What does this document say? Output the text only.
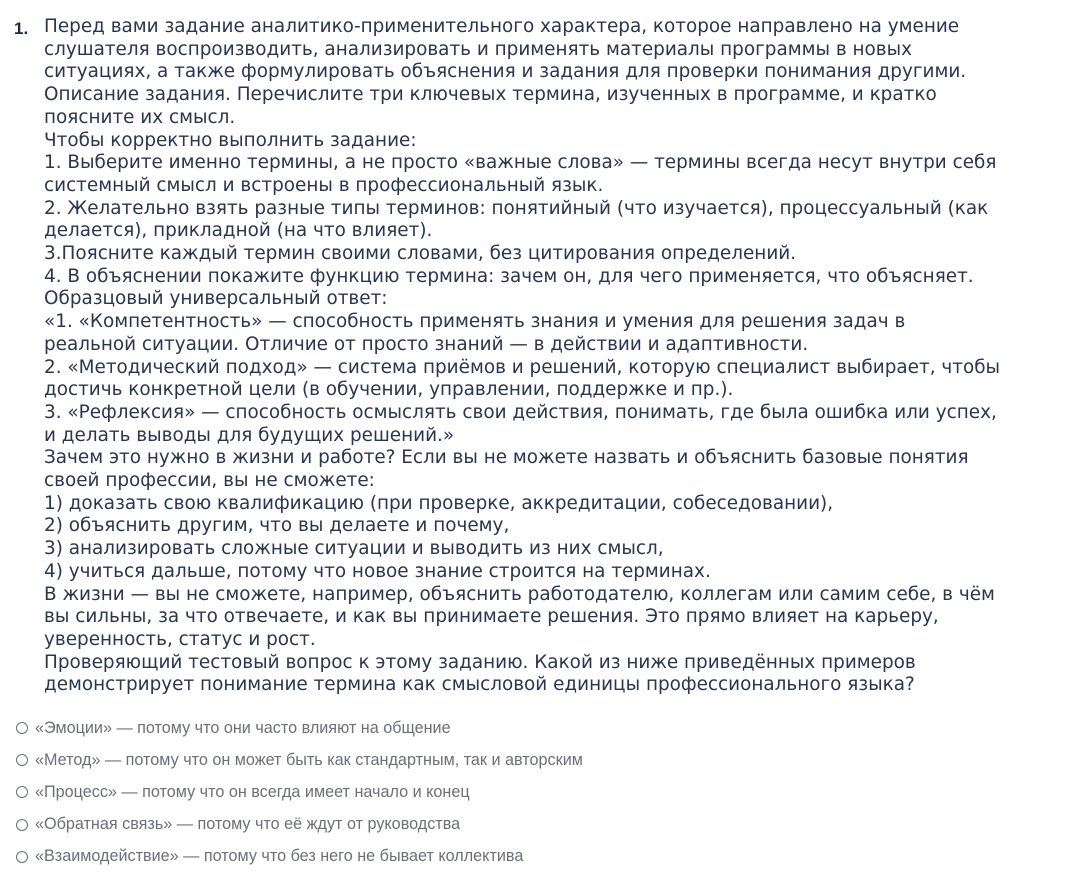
1. Перед вами задание аналитико-применительного характера, которое направлено на умение
слушателя воспроизводить, анализировать и применять материалы программы в новых
ситуациях, а также формулировать объяснения и задания для проверки понимания другими.
Описание задания. Перечислите три ключевых термина, изученных в программе, и кратко
поясните их смысл.
Чтобы корректно выполнить задание:
1. Выберите именно термины, а не просто «важные слова» — термины всегда несут внутри себя
системный смысл и встроены в профессиональный язык.
2. Желательно взять разные типы терминов: понятийный (что изучается), процессуальный (как
делается), прикладной (на что влияет).
3.Поясните каждый термин своими словами, без цитирования определений.
4. В объяснении покажите функцию термина: зачем он, для чего применяется, что объясняет.
Образцовый универсальный ответ:
«1. «Компетентность» — способность применять знания и умения для решения задач в
реальной ситуации. Отличие от просто знаний — в действии и адаптивности.
2. «Методический подход» — система приёмов и решений, которую специалист выбирает, чтобы
достичь конкретной цели (в обучении, управлении, поддержке и пр.).
3. «Рефлексия» — способность осмыслять свои действия, понимать, где была ошибка или успех,
и делать выводы для будущих решений.»
Зачем это нужно в жизни и работе? Если вы не можете назвать и объяснить базовые понятия
своей профессии, вы не сможете:
1) доказать свою квалификацию (при проверке, аккредитации, собеседовании),
2) объяснить другим, что вы делаете и почему,
3) анализировать сложные ситуации и выводить из них смысл,
4) учиться дальше, потому что новое знание строится на терминах.
В жизни — вы не сможете, например, объяснить работодателю, коллегам или самим себе, в чём
вы сильны, за что отвечаете, и как вы принимаете решения. Это прямо влияет на карьеру,
уверенность, статус и рост.
Проверяющий тестовый вопрос к этому заданию. Какой из ниже приведённых примеров
демонстрирует понимание термина как смысловой единицы профессионального языка?
«Эмоции» — потому что они часто влияют на общение
«Метод» — потому что он может быть как стандартным, так и авторским
«Процесс» — потому что он всегда имеет начало и конец
«Обратная связь» — потому что её ждут от руководства
«Взаимодействие» — потому что без него не бывает коллектива
